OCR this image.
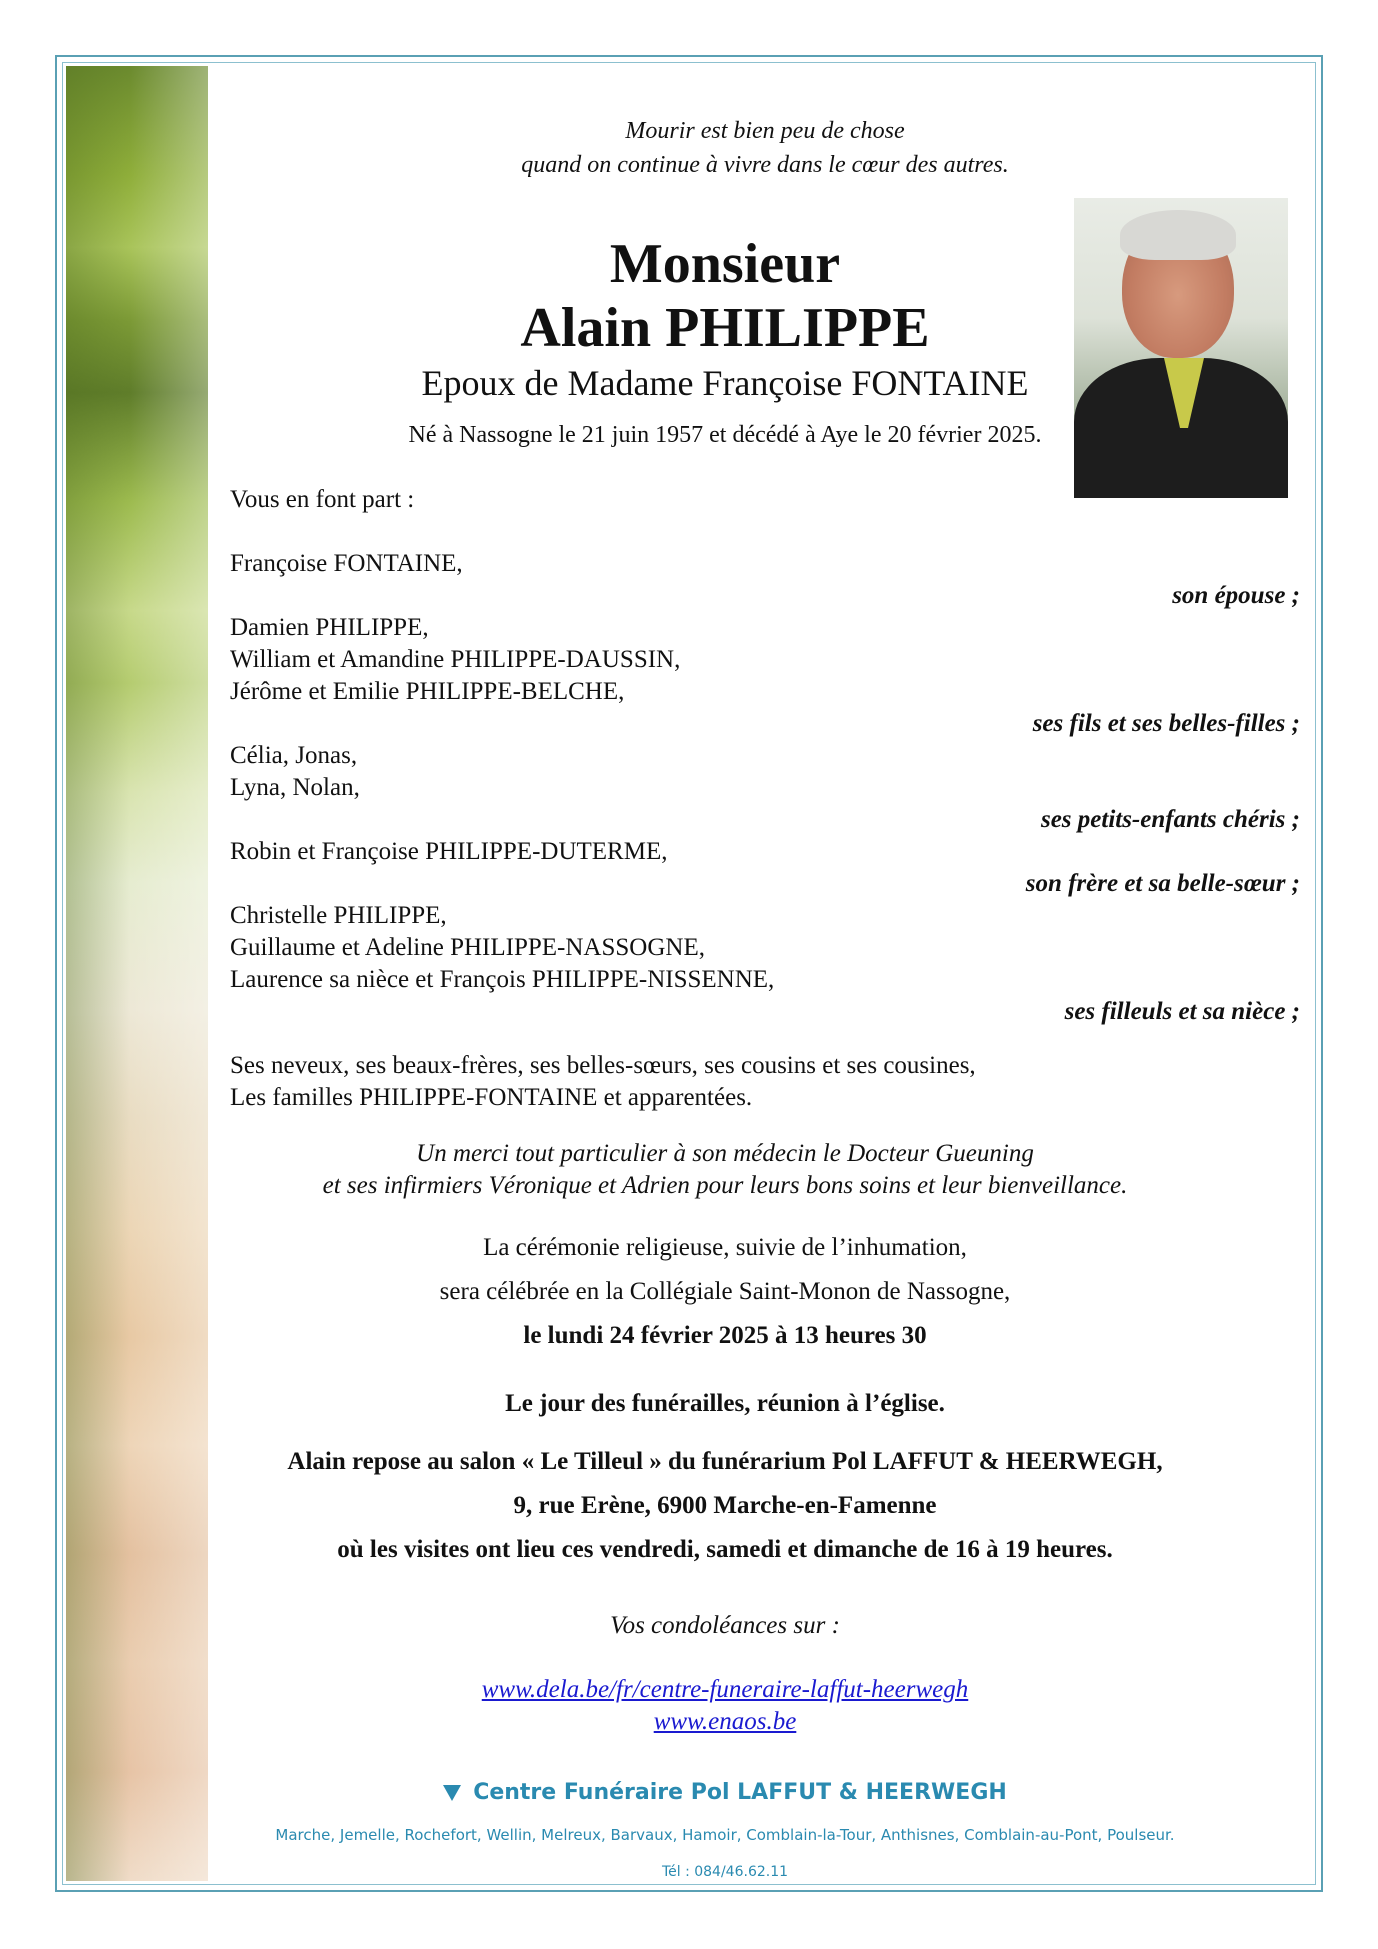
Mourir est bien peu de chose
quand on continue à vivre dans le cœur des autres.
Monsieur
Alain PHILIPPE
Epoux de Madame Françoise FONTAINE
Né à Nassogne le 21 juin 1957 et décédé à Aye le 20 février 2025.
Vous en font part :
Françoise FONTAINE,
son épouse ;
Damien PHILIPPE,
William et Amandine PHILIPPE-DAUSSIN,
Jérôme et Emilie PHILIPPE-BELCHE,
ses fils et ses belles-filles ;
Célia, Jonas,
Lyna, Nolan,
ses petits-enfants chéris ;
Robin et Françoise PHILIPPE-DUTERME,
son frère et sa belle-sœur ;
Christelle PHILIPPE,
Guillaume et Adeline PHILIPPE-NASSOGNE,
Laurence sa nièce et François PHILIPPE-NISSENNE,
ses filleuls et sa nièce ;
Ses neveux, ses beaux-frères, ses belles-sœurs, ses cousins et ses cousines,
Les familles PHILIPPE-FONTAINE et apparentées.
Un merci tout particulier à son médecin le Docteur Gueuning
et ses infirmiers Véronique et Adrien pour leurs bons soins et leur bienveillance.
La cérémonie religieuse, suivie de l’inhumation,
sera célébrée en la Collégiale Saint-Monon de Nassogne,
le lundi 24 février 2025 à 13 heures 30
Le jour des funérailles, réunion à l’église.
Alain repose au salon « Le Tilleul » du funérarium Pol LAFFUT & HEERWEGH,
9, rue Erène, 6900 Marche-en-Famenne
où les visites ont lieu ces vendredi, samedi et dimanche de 16 à 19 heures.
Vos condoléances sur :
www.dela.be/fr/centre-funeraire-laffut-heerwegh
www.enaos.be
Centre Funéraire Pol LAFFUT & HEERWEGH
Marche, Jemelle, Rochefort, Wellin, Melreux, Barvaux, Hamoir, Comblain-la-Tour, Anthisnes, Comblain-au-Pont, Poulseur.
Tél : 084/46.62.11
